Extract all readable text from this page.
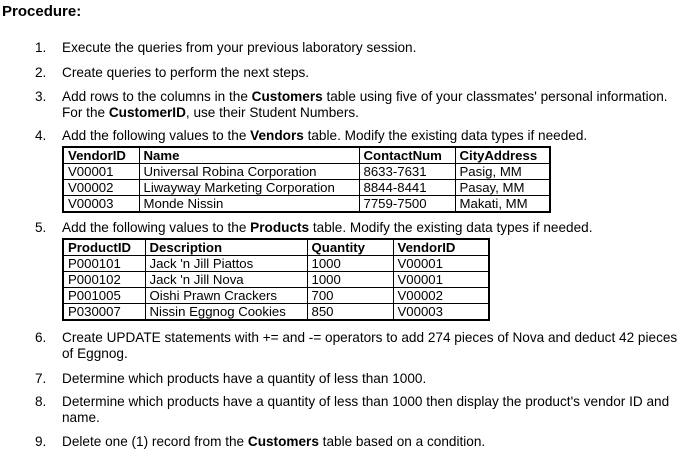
Procedure:
1. Execute the queries from your previous laboratory session.
2. Create queries to perform the next steps.
3. Add rows to the columns in the Customers table using five of your classmates' personal information.
For the CustomerID, use their Student Numbers.
4. Add the following values to the Vendors table. Modify the existing data types if needed.
VendorID	Name	ContactNum	CityAddress
V00001	Universal Robina Corporation	8633-7631	Pasig, MM
V00002	Liwayway Marketing Corporation	8844-8441	Pasay, MM
V00003	Monde Nissin	7759-7500	Makati, MM
5. Add the following values to the Products table. Modify the existing data types if needed.
ProductID	Description	Quantity	VendorID
P000101	Jack 'n Jill Piattos	1000	V00001
P000102	Jack 'n Jill Nova	1000	V00001
P001005	Oishi Prawn Crackers	700	V00002
P030007	Nissin Eggnog Cookies	850	V00003
6. Create UPDATE statements with += and -= operators to add 274 pieces of Nova and deduct 42 pieces
of Eggnog.
7. Determine which products have a quantity of less than 1000.
8. Determine which products have a quantity of less than 1000 then display the product's vendor ID and
name.
9. Delete one (1) record from the Customers table based on a condition.
